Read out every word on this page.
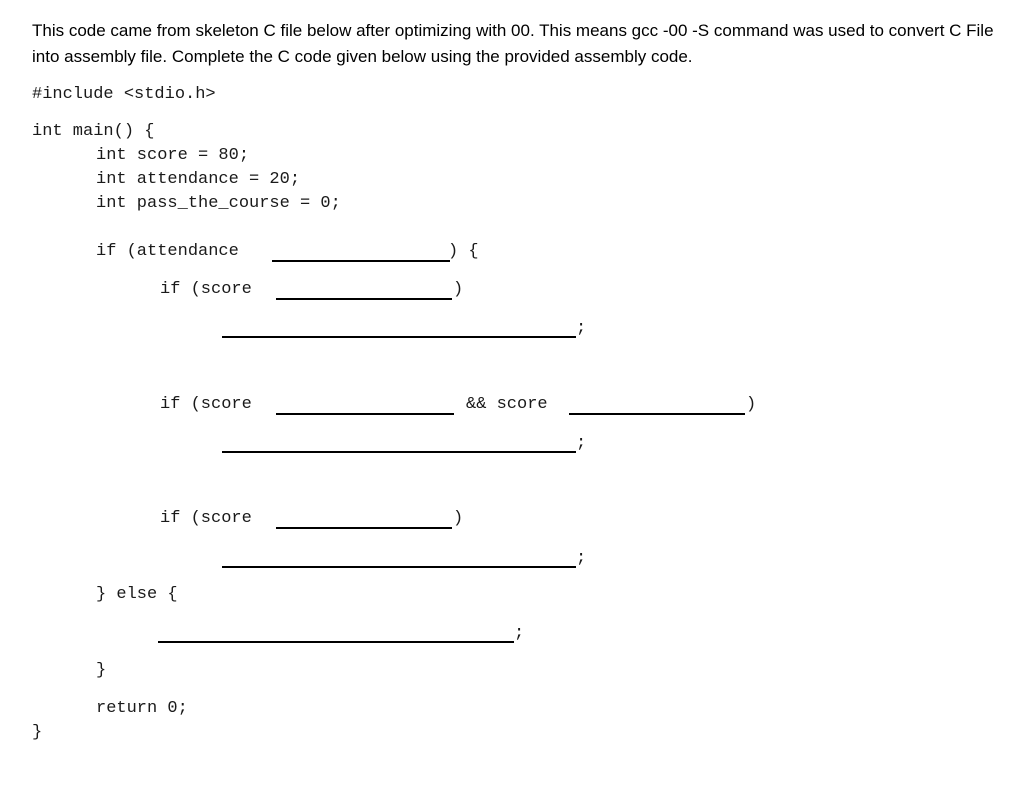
This code came from skeleton C file below after optimizing with 00. This means gcc -00 -S command was used to convert C File into assembly file. Complete the C code given below using the provided assembly code.

#include <stdio.h>
int main() {
int score = 80;
int attendance = 20;
int pass_the_course = 0;
if (attendance	) {
if (score	)
;
if (score	&& score	)
;
if (score	)
;
} else {
;
}
return 0;
}
